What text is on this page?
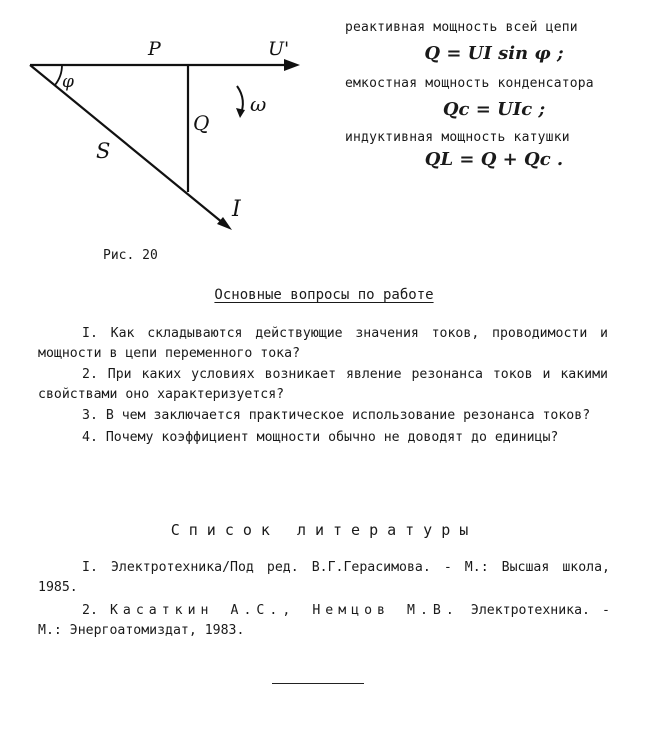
P	U'
φ
Q
ω
S
I
реактивная мощность всей цепи
Q = UI sin φ ;
емкостная мощность конденсатора
Qc = UIc ;
индуктивная мощность катушки
QL = Q + Qc .
Рис. 20
Основные вопросы по работе

I. Как складываются действующие значения токов, проводимости и мощности в цепи переменного тока?

2. При каких условиях возникает явление резонанса токов и какими свойствами оно характеризуется?

3. В чем заключается практическое использование резонанса токов?

4. Почему коэффициент мощности обычно не доводят до единицы?

Список литературы

I. Электротехника/Под ред. В.Г.Герасимова. - М.: Высшая школа, 1985.

2. Касаткин А.С., Немцов М.В. Электротехника. - М.: Энергоатомиздат, 1983.
